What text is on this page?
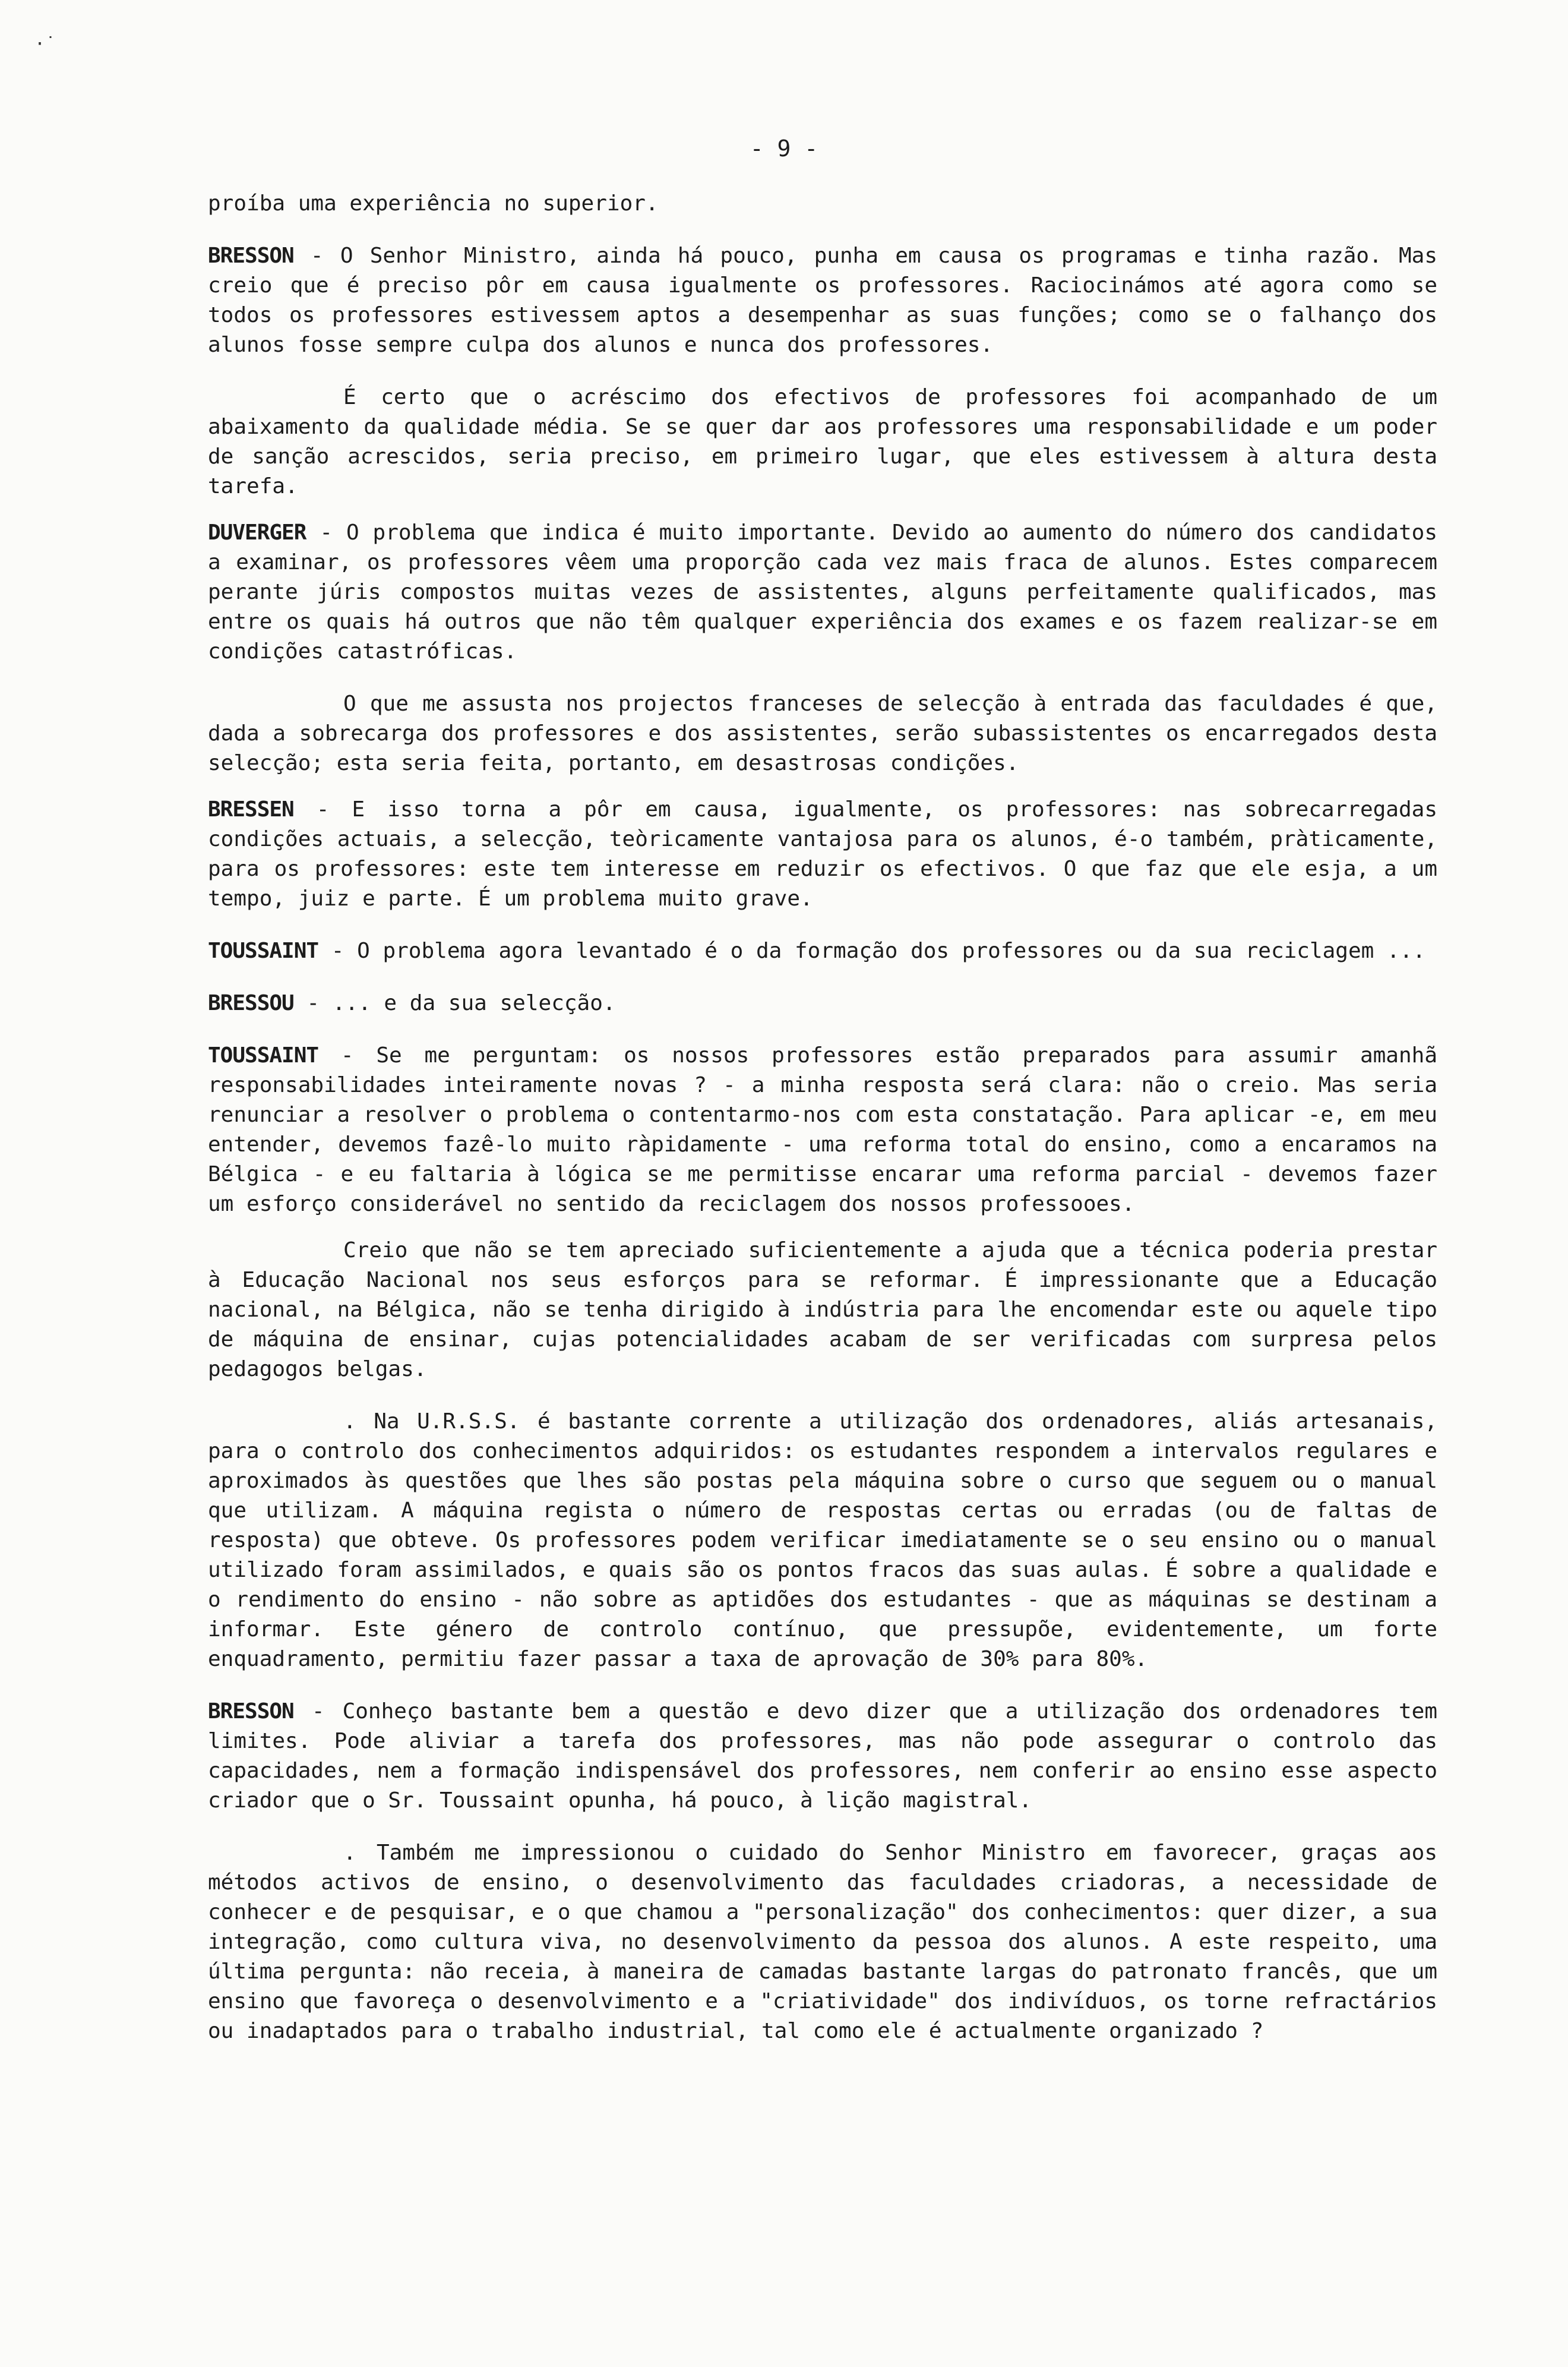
·˙
- 9 -

proíba uma experiência no superior.

BRESSON - O Senhor Ministro, ainda há pouco, punha em causa os programas e tinha razão. Mas creio que é preciso pôr em causa igualmente os professores. Raciocinámos até agora como se todos os professores estivessem aptos a desempenhar as suas funções; como se o falhanço dos alunos fosse sempre culpa dos alunos e nunca dos professores.

É certo que o acréscimo dos efectivos de professores foi acompanhado de um abaixamento da qualidade média. Se se quer dar aos professores uma responsabilidade e um poder de sanção acrescidos, seria preciso, em primeiro lugar, que eles estivessem à altura desta tarefa.

DUVERGER - O problema que indica é muito importante. Devido ao aumento do número dos candidatos a examinar, os professores vêem uma proporção cada vez mais fraca de alunos. Estes comparecem perante júris compostos muitas vezes de assistentes, alguns perfeitamente qualificados, mas entre os quais há outros que não têm qualquer experiência dos exames e os fazem realizar-se em condições catastróficas.

O que me assusta nos projectos franceses de selecção à entrada das faculdades é que, dada a sobrecarga dos professores e dos assistentes, serão subassistentes os encarregados desta selecção; esta seria feita, portanto, em desastrosas condições.

BRESSEN - E isso torna a pôr em causa, igualmente, os professores: nas sobrecarregadas condições actuais, a selecção, teòricamente vantajosa para os alunos, é-o também, pràticamente, para os professores: este tem interesse em reduzir os efectivos. O que faz que ele esja, a um tempo, juiz e parte. É um problema muito grave.

TOUSSAINT - O problema agora levantado é o da formação dos professores ou da sua reciclagem ...

BRESSOU - ... e da sua selecção.

TOUSSAINT - Se me perguntam: os nossos professores estão preparados para assumir amanhã responsabilidades inteiramente novas ? - a minha resposta será clara: não o creio. Mas seria renunciar a resolver o problema o contentarmo-nos com esta constatação. Para aplicar -e, em meu entender, devemos fazê-lo muito ràpidamente - uma reforma total do ensino, como a encaramos na Bélgica - e eu faltaria à lógica se me permitisse encarar uma reforma parcial - devemos fazer um esforço considerável no sentido da reciclagem dos nossos professooes.

Creio que não se tem apreciado suficientemente a ajuda que a técnica poderia prestar à Educação Nacional nos seus esforços para se reformar. É impressionante que a Educação nacional, na Bélgica, não se tenha dirigido à indústria para lhe encomendar este ou aquele tipo de máquina de ensinar, cujas potencialidades acabam de ser verificadas com surpresa pelos pedagogos belgas.

. Na U.R.S.S. é bastante corrente a utilização dos ordenadores, aliás artesanais, para o controlo dos conhecimentos adquiridos: os estudantes respondem a intervalos regulares e aproximados às questões que lhes são postas pela máquina sobre o curso que seguem ou o manual que utilizam. A máquina regista o número de respostas certas ou erradas (ou de faltas de resposta) que obteve. Os professores podem verificar imediatamente se o seu ensino ou o manual utilizado foram assimilados, e quais são os pontos fracos das suas aulas. É sobre a qualidade e o rendimento do ensino - não sobre as aptidões dos estudantes - que as máquinas se destinam a informar. Este género de controlo contínuo, que pressupõe, evidentemente, um forte enquadramento, permitiu fazer passar a taxa de aprovação de 30% para 80%.

BRESSON - Conheço bastante bem a questão e devo dizer que a utilização dos ordenadores tem limites. Pode aliviar a tarefa dos professores, mas não pode assegurar o controlo das capacidades, nem a formação indispensável dos professores, nem conferir ao ensino esse aspecto criador que o Sr. Toussaint opunha, há pouco, à lição magistral.

. Também me impressionou o cuidado do Senhor Ministro em favorecer, graças aos métodos activos de ensino, o desenvolvimento das faculdades criadoras, a necessidade de conhecer e de pesquisar, e o que chamou a "personalização" dos conhecimentos: quer dizer, a sua integração, como cultura viva, no desenvolvimento da pessoa dos alunos. A este respeito, uma última pergunta: não receia, à maneira de camadas bastante largas do patronato francês, que um ensino que favoreça o desenvolvimento e a "criatividade" dos indivíduos, os torne refractários ou inadaptados para o trabalho industrial, tal como ele é actualmente organizado ?
